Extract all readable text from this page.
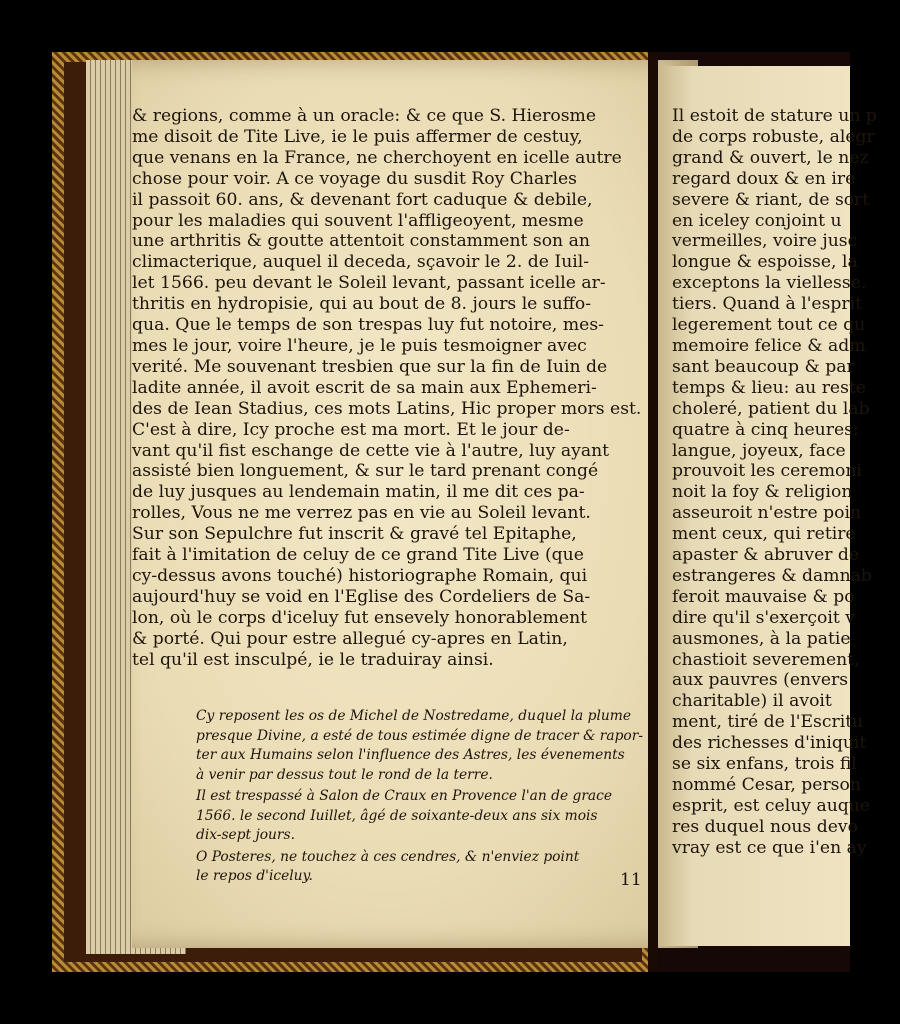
& regions, comme à un oracle: & ce que S. Hierosme
me disoit de Tite Live, ie le puis affermer de cestuy,
que venans en la France, ne cherchoyent en icelle autre
chose pour voir. A ce voyage du susdit Roy Charles
il passoit 60. ans, & devenant fort caduque & debile,
pour les maladies qui souvent l'affligeoyent, mesme
une arthritis & goutte attentoit constamment son an
climacterique, auquel il deceda, sçavoir le 2. de Iuil-
let 1566. peu devant le Soleil levant, passant icelle ar-
thritis en hydropisie, qui au bout de 8. jours le suffo-
qua. Que le temps de son trespas luy fut notoire, mes-
mes le jour, voire l'heure, je le puis tesmoigner avec
verité. Me souvenant tresbien que sur la fin de Iuin de
ladite année, il avoit escrit de sa main aux Ephemeri-
des de Iean Stadius, ces mots Latins, Hic proper mors est.
C'est à dire, Icy proche est ma mort. Et le jour de-
vant qu'il fist eschange de cette vie à l'autre, luy ayant
assisté bien longuement, & sur le tard prenant congé
de luy jusques au lendemain matin, il me dit ces pa-
rolles, Vous ne me verrez pas en vie au Soleil levant.
Sur son Sepulchre fut inscrit & gravé tel Epitaphe,
fait à l'imitation de celuy de ce grand Tite Live (que
cy-dessus avons touché) historiographe Romain, qui
aujourd'huy se void en l'Eglise des Cordeliers de Sa-
lon, où le corps d'iceluy fut ensevely honorablement
& porté. Qui pour estre allegué cy-apres en Latin,
tel qu'il est insculpé, ie le traduiray ainsi.
Cy reposent les os de Michel de Nostredame, duquel la plume
presque Divine, a esté de tous estimée digne de tracer & rapor-
ter aux Humains selon l'influence des Astres, les évenements
à venir par dessus tout le rond de la terre.
Il est trespassé à Salon de Craux en Provence l'an de grace
1566. le second Iuillet, âgé de soixante-deux ans six mois
dix-sept jours.
O Posteres, ne touchez à ces cendres, & n'enviez point
le repos d'iceluy.	11
Il estoit de stature un p
de corps robuste, alegr
grand & ouvert, le nez
regard doux & en ire
severe & riant, de sort
en iceley conjoint u
vermeilles, voire jusc
longue & espoisse, la
exceptons la viellesse.
tiers. Quand à l'esprit
legerement tout ce qu
memoire felice & adm
sant beaucoup & par
temps & lieu: au reste
choleré, patient du lab
quatre à cinq heures:
langue, joyeux, face
prouvoit les ceremoni
noit la foy & religion
asseuroit n'estre poin
ment ceux, qui retire
apaster & abruver de
estrangeres & damnab
feroit mauvaise & po
dire qu'il s'exerçoit v
ausmones, à la patie
chastioit severement,
aux pauvres (envers
charitable) il avoit
ment, tiré de l'Escritu
des richesses d'iniquit
se six enfans, trois fil
nommé Cesar, person
esprit, est celuy auque
res duquel nous devo
vray est ce que i'en ay
